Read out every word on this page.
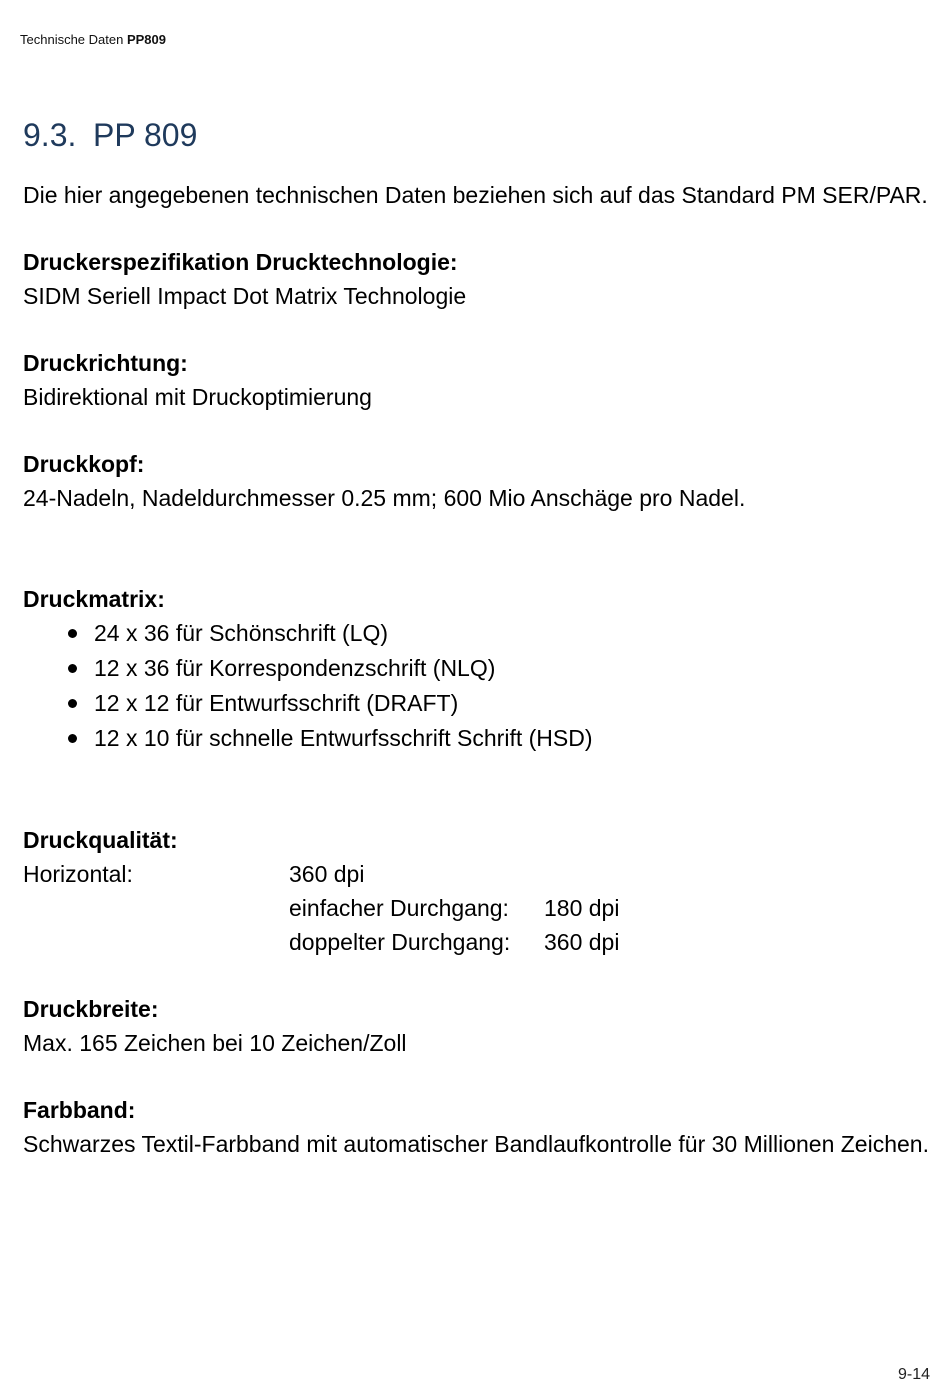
Technische Daten PP809
9.3. PP 809

Die hier angegebenen technischen Daten beziehen sich auf das Standard PM SER/PAR.

Druckerspezifikation Drucktechnologie:

SIDM Seriell Impact Dot Matrix Technologie

Druckrichtung:

Bidirektional mit Druckoptimierung

Druckkopf:

24-Nadeln, Nadeldurchmesser 0.25 mm; 600 Mio Anschäge pro Nadel.

Druckmatrix:

24 x 36 für Schönschrift (LQ)
12 x 36 für Korrespondenzschrift (NLQ)
12 x 12 für Entwurfsschrift (DRAFT)
12 x 10 für schnelle Entwurfsschrift Schrift (HSD)

Druckqualität:

Horizontal:	360 dpi
einfacher Durchgang:	180 dpi
doppelter Durchgang:	360 dpi

Druckbreite:

Max. 165 Zeichen bei 10 Zeichen/Zoll

Farbband:

Schwarzes Textil-Farbband mit automatischer Bandlaufkontrolle für 30 Millionen Zeichen.

9-14
